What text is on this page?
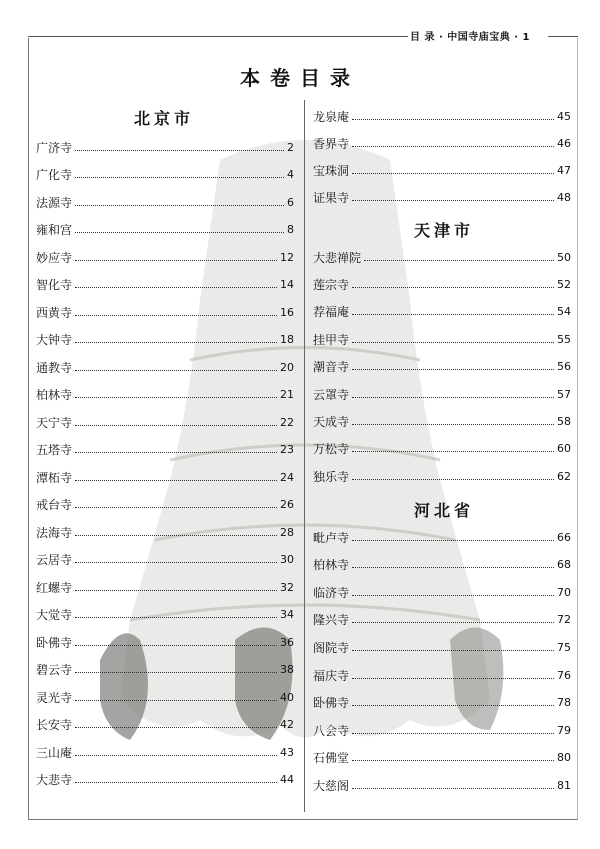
目 录 · 中国寺庙宝典 · 1
本卷目录
北京市
广济寺	2
广化寺	4
法源寺	6
雍和宫	8
妙应寺	12
智化寺	14
西黄寺	16
大钟寺	18
通教寺	20
柏林寺	21
天宁寺	22
五塔寺	23
潭柘寺	24
戒台寺	26
法海寺	28
云居寺	30
红螺寺	32
大觉寺	34
卧佛寺	36
碧云寺	38
灵光寺	40
长安寺	42
三山庵	43
大悲寺	44
龙泉庵	45
香界寺	46
宝珠洞	47
证果寺	48
天津市
大悲禅院	50
莲宗寺	52
荐福庵	54
挂甲寺	55
潮音寺	56
云罩寺	57
天成寺	58
万松寺	60
独乐寺	62
河北省
毗卢寺	66
柏林寺	68
临济寺	70
隆兴寺	72
阁院寺	75
福庆寺	76
卧佛寺	78
八会寺	79
石佛堂	80
大慈阁	81
